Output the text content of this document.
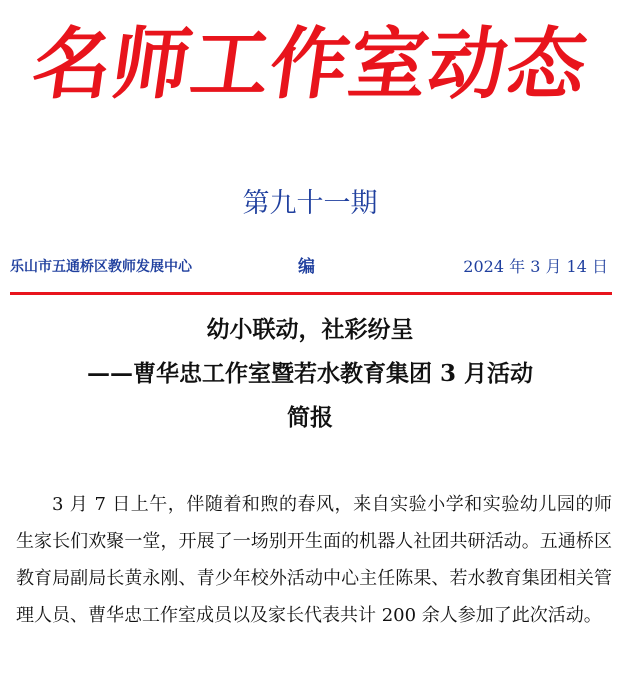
名师工作室动态
第九十一期
乐山市五通桥区教师发展中心	编	2024 年 3 月 14 日
幼小联动，社彩纷呈
——曹华忠工作室暨若水教育集团 3 月活动
简报
3 月 7 日上午，伴随着和煦的春风，来自实验小学和实验幼儿园的师生家长们欢聚一堂，开展了一场别开生面的机器人社团共研活动。五通桥区教育局副局长黄永刚、青少年校外活动中心主任陈果、若水教育集团相关管理人员、曹华忠工作室成员以及家长代表共计 200 余人参加了此次活动。
